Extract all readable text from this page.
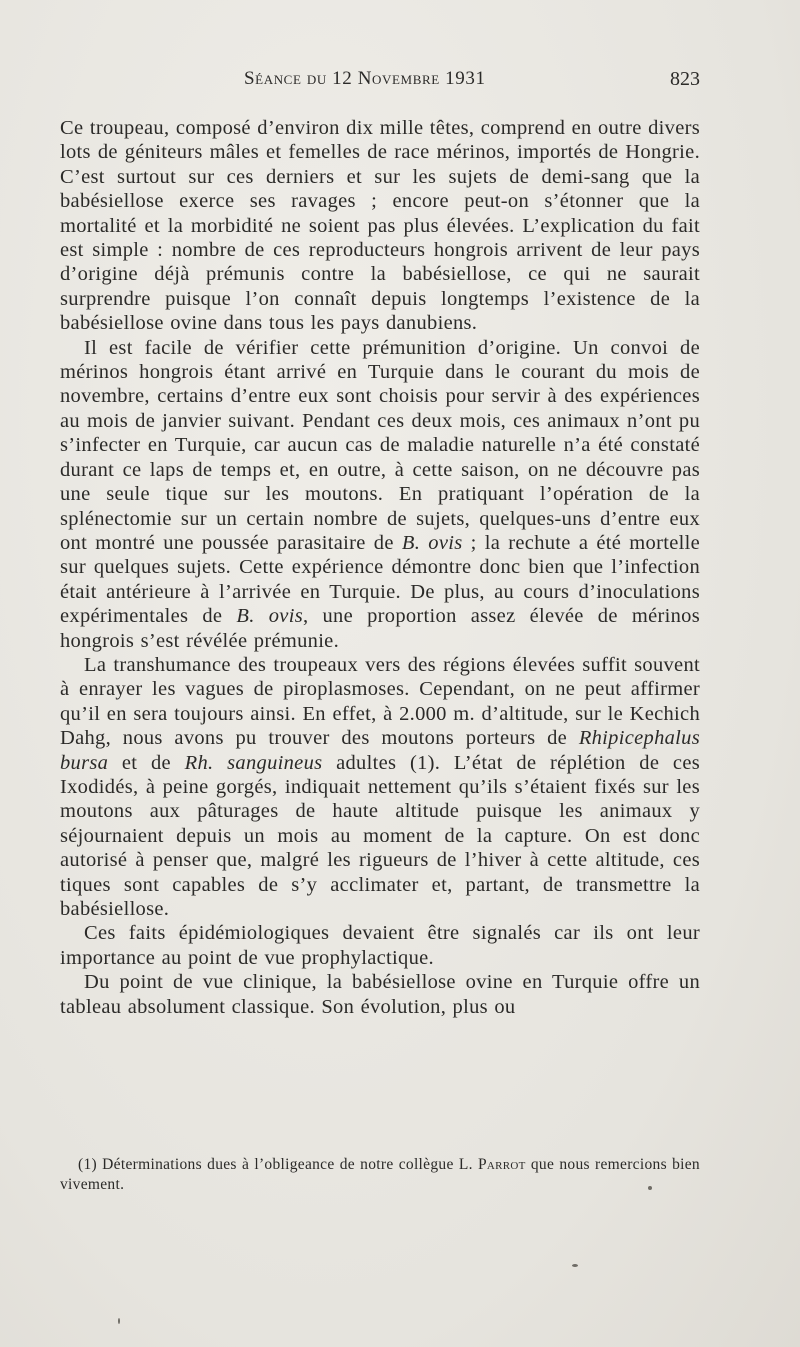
Séance du 12 Novembre 1931	823

Ce troupeau, composé d’environ dix mille têtes, comprend en outre divers lots de géniteurs mâles et femelles de race mérinos, importés de Hongrie. C’est surtout sur ces derniers et sur les sujets de demi-sang que la babésiellose exerce ses ravages ; encore peut-on s’étonner que la mortalité et la morbidité ne soient pas plus élevées. L’explication du fait est simple : nombre de ces reproducteurs hongrois arrivent de leur pays d’origine déjà prémunis contre la babésiellose, ce qui ne saurait surprendre puisque l’on connaît depuis longtemps l’existence de la babésiellose ovine dans tous les pays danubiens.

Il est facile de vérifier cette prémunition d’origine. Un convoi de mérinos hongrois étant arrivé en Turquie dans le courant du mois de novembre, certains d’entre eux sont choisis pour servir à des expériences au mois de janvier suivant. Pendant ces deux mois, ces animaux n’ont pu s’infecter en Turquie, car aucun cas de maladie naturelle n’a été constaté durant ce laps de temps et, en outre, à cette saison, on ne découvre pas une seule tique sur les moutons. En pratiquant l’opération de la splénectomie sur un certain nombre de sujets, quelques-uns d’entre eux ont montré une poussée parasitaire de B. ovis ; la rechute a été mortelle sur quelques sujets. Cette expérience démontre donc bien que l’infection était antérieure à l’arrivée en Turquie. De plus, au cours d’inoculations expérimentales de B. ovis, une proportion assez élevée de mérinos hongrois s’est révélée prémunie.

La transhumance des troupeaux vers des régions élevées suffit souvent à enrayer les vagues de piroplasmoses. Cependant, on ne peut affirmer qu’il en sera toujours ainsi. En effet, à 2.000 m. d’altitude, sur le Kechich Dahg, nous avons pu trouver des moutons porteurs de Rhipicephalus bursa et de Rh. sanguineus adultes (1). L’état de réplétion de ces Ixodidés, à peine gorgés, indiquait nettement qu’ils s’étaient fixés sur les moutons aux pâturages de haute altitude puisque les animaux y séjournaient depuis un mois au moment de la capture. On est donc autorisé à penser que, malgré les rigueurs de l’hiver à cette altitude, ces tiques sont capables de s’y acclimater et, partant, de transmettre la babésiellose.

Ces faits épidémiologiques devaient être signalés car ils ont leur importance au point de vue prophylactique.

Du point de vue clinique, la babésiellose ovine en Turquie offre un tableau absolument classique. Son évolution, plus ou

(1) Déterminations dues à l’obligeance de notre collègue L. Parrot que nous remercions bien vivement.
